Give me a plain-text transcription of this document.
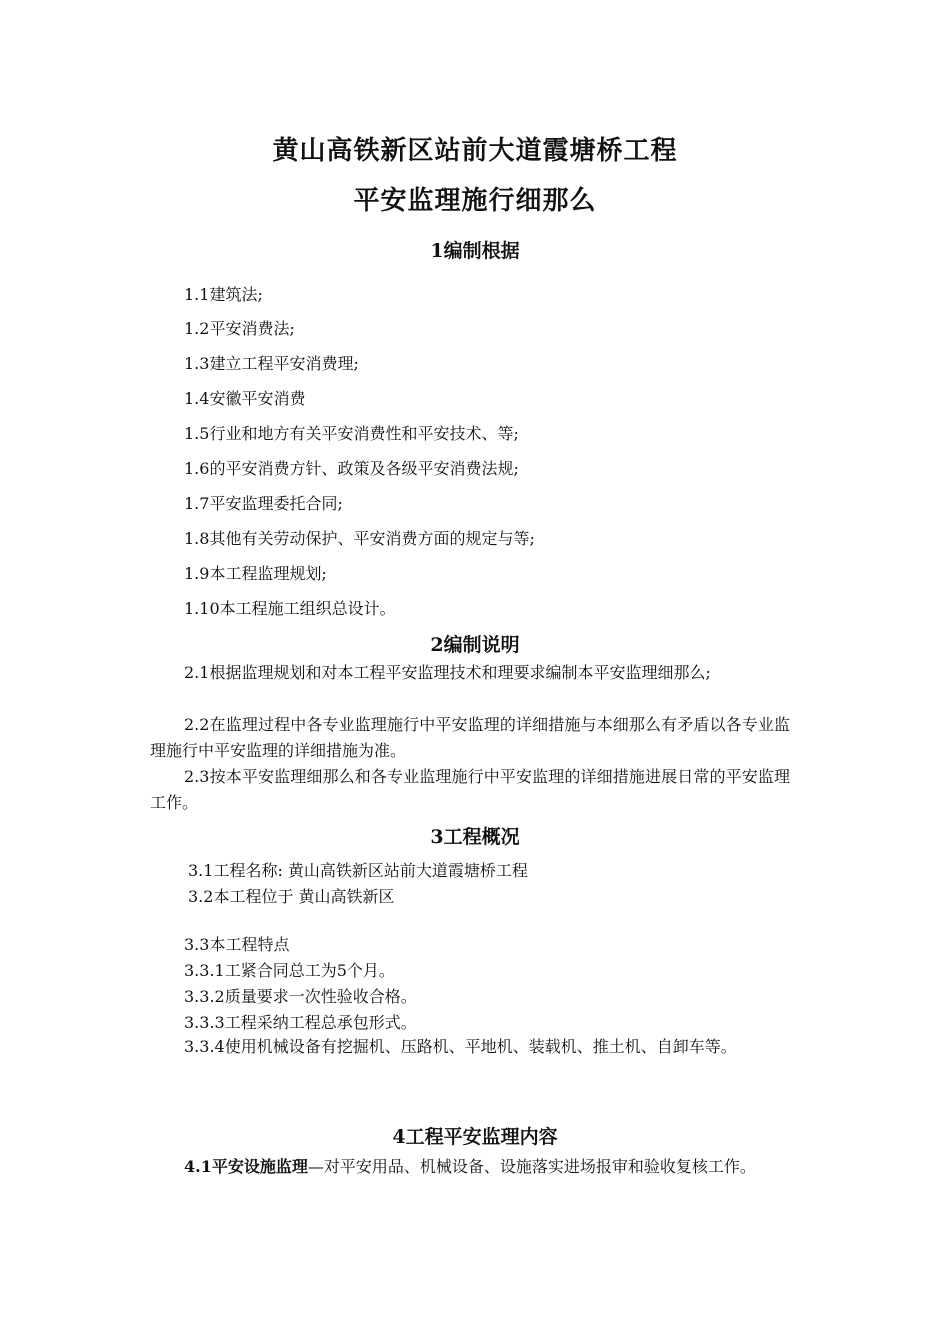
黄山高铁新区站前大道霞塘桥工程
平安监理施行细那么
1编制根据
1.1建筑法;
1.2平安消费法;
1.3建立工程平安消费理;
1.4安徽平安消费
1.5行业和地方有关平安消费性和平安技术、等;
1.6的平安消费方针、政策及各级平安消费法规;
1.7平安监理委托合同;
1.8其他有关劳动保护、平安消费方面的规定与等;
1.9本工程监理规划;
1.10本工程施工组织总设计。
2编制说明
2.1根据监理规划和对本工程平安监理技术和理要求编制本平安监理细那么;
2.2在监理过程中各专业监理施行中平安监理的详细措施与本细那么有矛盾以各专业监理施行中平安监理的详细措施为准。
2.3按本平安监理细那么和各专业监理施行中平安监理的详细措施进展日常的平安监理工作。
3工程概况
3.1工程名称: 黄山高铁新区站前大道霞塘桥工程
3.2本工程位于 黄山高铁新区
3.3本工程特点
3.3.1工紧合同总工为5个月。
3.3.2质量要求一次性验收合格。
3.3.3工程采纳工程总承包形式。
3.3.4使用机械设备有挖掘机、压路机、平地机、装载机、推土机、自卸车等。
4工程平安监理内容
4.1平安设施监理—对平安用品、机械设备、设施落实进场报审和验收复核工作。
